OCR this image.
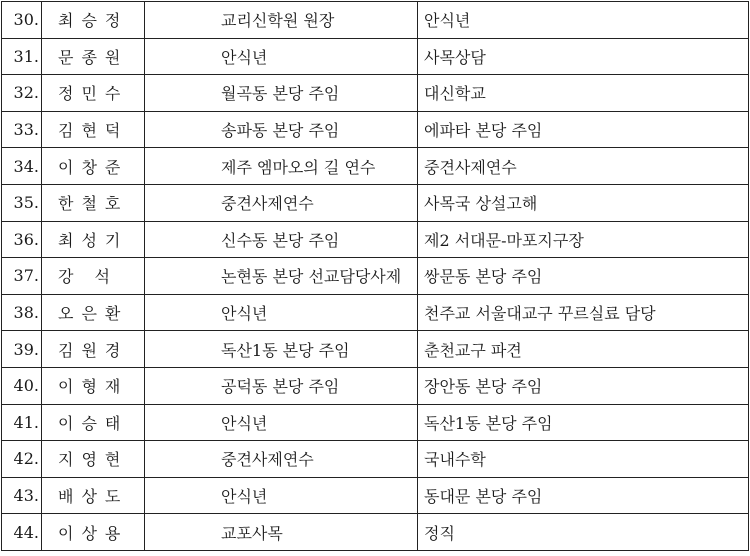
30.	최승정	교리신학원 원장	안식년
31.	문종원	안식년	사목상담
32.	정민수	월곡동 본당 주임	대신학교
33.	김현덕	송파동 본당 주임	에파타 본당 주임
34.	이창준	제주 엠마오의 길 연수	중견사제연수
35.	한철호	중견사제연수	사목국 상설고해
36.	최성기	신수동 본당 주임	제2 서대문-마포지구장
37.	강 석	논현동 본당 선교담당사제	쌍문동 본당 주임
38.	오은환	안식년	천주교 서울대교구 꾸르실료 담당
39.	김원경	독산1동 본당 주임	춘천교구 파견
40.	이형재	공덕동 본당 주임	장안동 본당 주임
41.	이승태	안식년	독산1동 본당 주임
42.	지영현	중견사제연수	국내수학
43.	배상도	안식년	동대문 본당 주임
44.	이상용	교포사목	정직
